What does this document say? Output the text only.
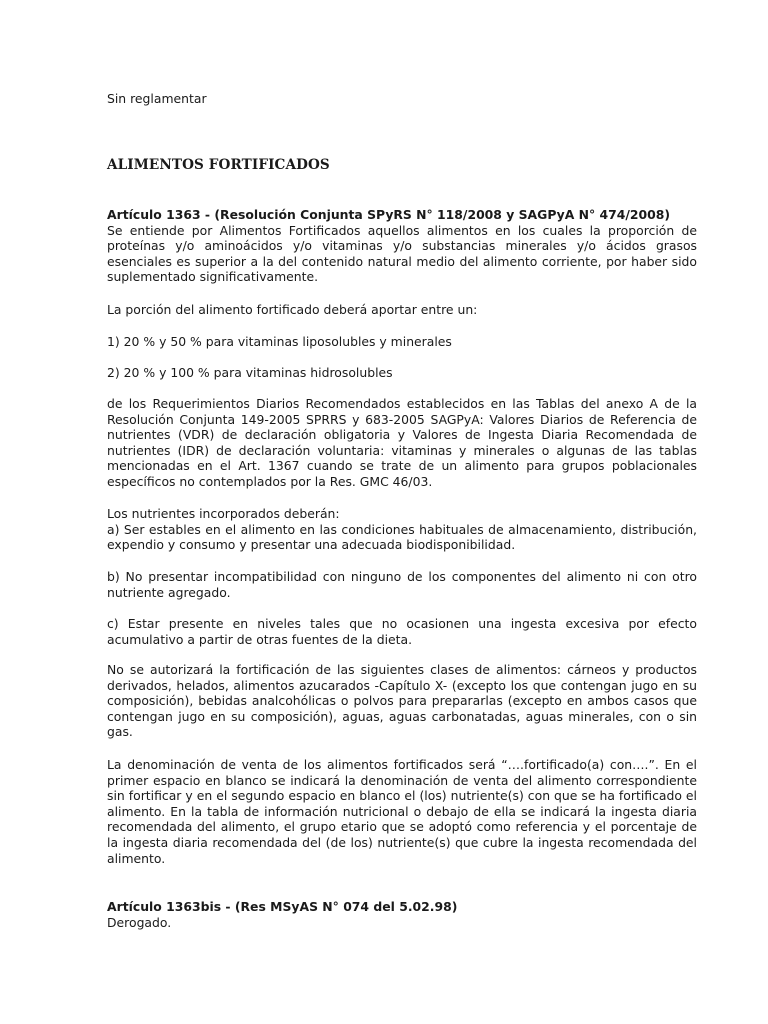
Sin reglamentar

ALIMENTOS FORTIFICADOS

Artículo 1363 - (Resolución Conjunta SPyRS N° 118/2008 y SAGPyA N° 474/2008)
Se entiende por Alimentos Fortificados aquellos alimentos en los cuales la proporción de proteínas y/o aminoácidos y/o vitaminas y/o substancias minerales y/o ácidos grasos esenciales es superior a la del contenido natural medio del alimento corriente, por haber sido suplementado significativamente.

La porción del alimento fortificado deberá aportar entre un:

1) 20 % y 50 % para vitaminas liposolubles y minerales

2) 20 % y 100 % para vitaminas hidrosolubles

de los Requerimientos Diarios Recomendados establecidos en las Tablas del anexo A de la Resolución Conjunta 149-2005 SPRRS y 683-2005 SAGPyA: Valores Diarios de Referencia de nutrientes (VDR) de declaración obligatoria y Valores de Ingesta Diaria Recomendada de nutrientes (IDR) de declaración voluntaria: vitaminas y minerales o algunas de las tablas mencionadas en el Art. 1367 cuando se trate de un alimento para grupos poblacionales específicos no contemplados por la Res. GMC 46/03.

Los nutrientes incorporados deberán:
a) Ser estables en el alimento en las condiciones habituales de almacenamiento, distribución, expendio y consumo y presentar una adecuada biodisponibilidad.

b) No presentar incompatibilidad con ninguno de los componentes del alimento ni con otro nutriente agregado.

c) Estar presente en niveles tales que no ocasionen una ingesta excesiva por efecto acumulativo a partir de otras fuentes de la dieta.

No se autorizará la fortificación de las siguientes clases de alimentos: cárneos y productos derivados, helados, alimentos azucarados -Capítulo X- (excepto los que contengan jugo en su composición), bebidas analcohólicas o polvos para prepararlas (excepto en ambos casos que contengan jugo en su composición), aguas, aguas carbonatadas, aguas minerales, con o sin gas.

La denominación de venta de los alimentos fortificados será “….fortificado(a) con….”. En el primer espacio en blanco se indicará la denominación de venta del alimento correspondiente sin fortificar y en el segundo espacio en blanco el (los) nutriente(s) con que se ha fortificado el alimento. En la tabla de información nutricional o debajo de ella se indicará la ingesta diaria recomendada del alimento, el grupo etario que se adoptó como referencia y el porcentaje de la ingesta diaria recomendada del (de los) nutriente(s) que cubre la ingesta recomendada del alimento.

Artículo 1363bis - (Res MSyAS N° 074 del 5.02.98)
Derogado.
